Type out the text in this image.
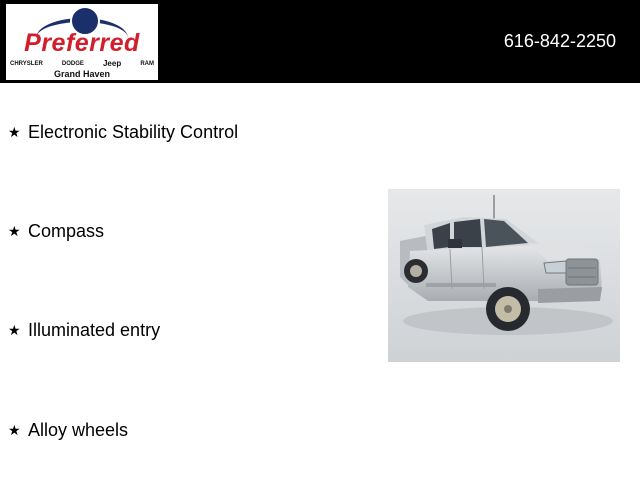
Preferred
CHRYSLER	DODGE Jeep	RAM
Grand Haven
616-842-2250
★ Electronic Stability Control
★ Compass
★ Illuminated entry
★ Alloy wheels
